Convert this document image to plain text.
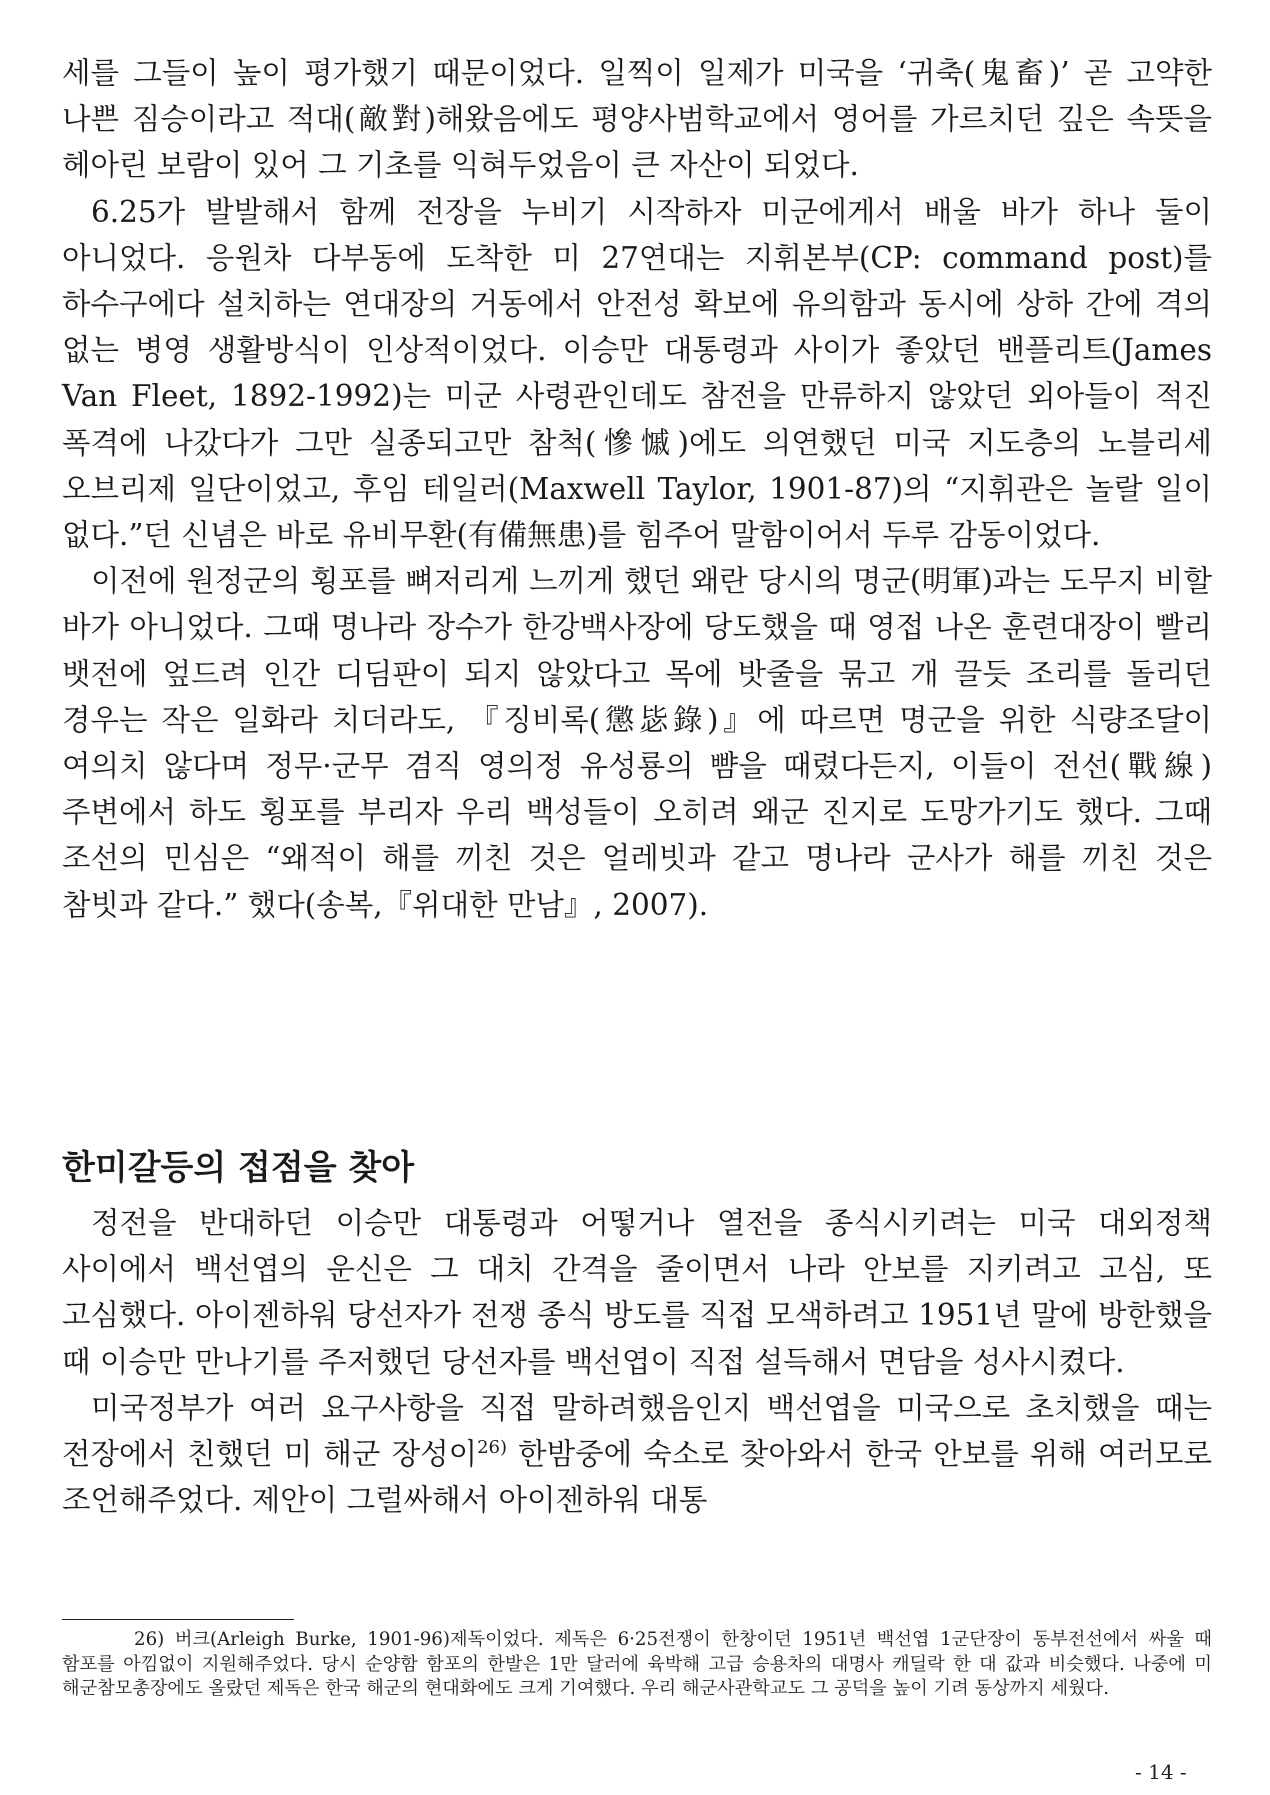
세를 그들이 높이 평가했기 때문이었다. 일찍이 일제가 미국을 ‘귀축(鬼畜)’ 곧 고약한 나쁜 짐승이라고 적대(敵對)해왔음에도 평양사범학교에서 영어를 가르치던 깊은 속뜻을 헤아린 보람이 있어 그 기초를 익혀두었음이 큰 자산이 되었다.

6.25가 발발해서 함께 전장을 누비기 시작하자 미군에게서 배울 바가 하나 둘이 아니었다. 응원차 다부동에 도착한 미 27연대는 지휘본부(CP: command post)를 하수구에다 설치하는 연대장의 거동에서 안전성 확보에 유의함과 동시에 상하 간에 격의 없는 병영 생활방식이 인상적이었다. 이승만 대통령과 사이가 좋았던 밴플리트(James Van Fleet, 1892-1992)는 미군 사령관인데도 참전을 만류하지 않았던 외아들이 적진 폭격에 나갔다가 그만 실종되고만 참척(慘慽)에도 의연했던 미국 지도층의 노블리세 오브리제 일단이었고, 후임 테일러(Maxwell Taylor, 1901-87)의 “지휘관은 놀랄 일이 없다.”던 신념은 바로 유비무환(有備無患)를 힘주어 말함이어서 두루 감동이었다.

이전에 원정군의 횡포를 뼈저리게 느끼게 했던 왜란 당시의 명군(明軍)과는 도무지 비할 바가 아니었다. 그때 명나라 장수가 한강백사장에 당도했을 때 영접 나온 훈련대장이 빨리 뱃전에 엎드려 인간 디딤판이 되지 않았다고 목에 밧줄을 묶고 개 끌듯 조리를 돌리던 경우는 작은 일화라 치더라도, 『징비록(懲毖錄)』에 따르면 명군을 위한 식량조달이 여의치 않다며 정무·군무 겸직 영의정 유성룡의 뺨을 때렸다든지, 이들이 전선(戰線) 주변에서 하도 횡포를 부리자 우리 백성들이 오히려 왜군 진지로 도망가기도 했다. 그때 조선의 민심은 “왜적이 해를 끼친 것은 얼레빗과 같고 명나라 군사가 해를 끼친 것은 참빗과 같다.” 했다(송복,『위대한 만남』, 2007).

한미갈등의 접점을 찾아

정전을 반대하던 이승만 대통령과 어떻거나 열전을 종식시키려는 미국 대외정책 사이에서 백선엽의 운신은 그 대치 간격을 줄이면서 나라 안보를 지키려고 고심, 또 고심했다. 아이젠하워 당선자가 전쟁 종식 방도를 직접 모색하려고 1951년 말에 방한했을 때 이승만 만나기를 주저했던 당선자를 백선엽이 직접 설득해서 면담을 성사시켰다.

미국정부가 여러 요구사항을 직접 말하려했음인지 백선엽을 미국으로 초치했을 때는 전장에서 친했던 미 해군 장성이$^{26)}$ 한밤중에 숙소로 찾아와서 한국 안보를 위해 여러모로 조언해주었다. 제안이 그럴싸해서 아이젠하워 대통

26) 버크(Arleigh Burke, 1901-96)제독이었다. 제독은 6·25전쟁이 한창이던 1951년 백선엽 1군단장이 동부전선에서 싸울 때 함포를 아낌없이 지원해주었다. 당시 순양함 함포의 한발은 1만 달러에 육박해 고급 승용차의 대명사 캐딜락 한 대 값과 비슷했다. 나중에 미 해군참모총장에도 올랐던 제독은 한국 해군의 현대화에도 크게 기여했다. 우리 해군사관학교도 그 공덕을 높이 기려 동상까지 세웠다.
- 14 -
